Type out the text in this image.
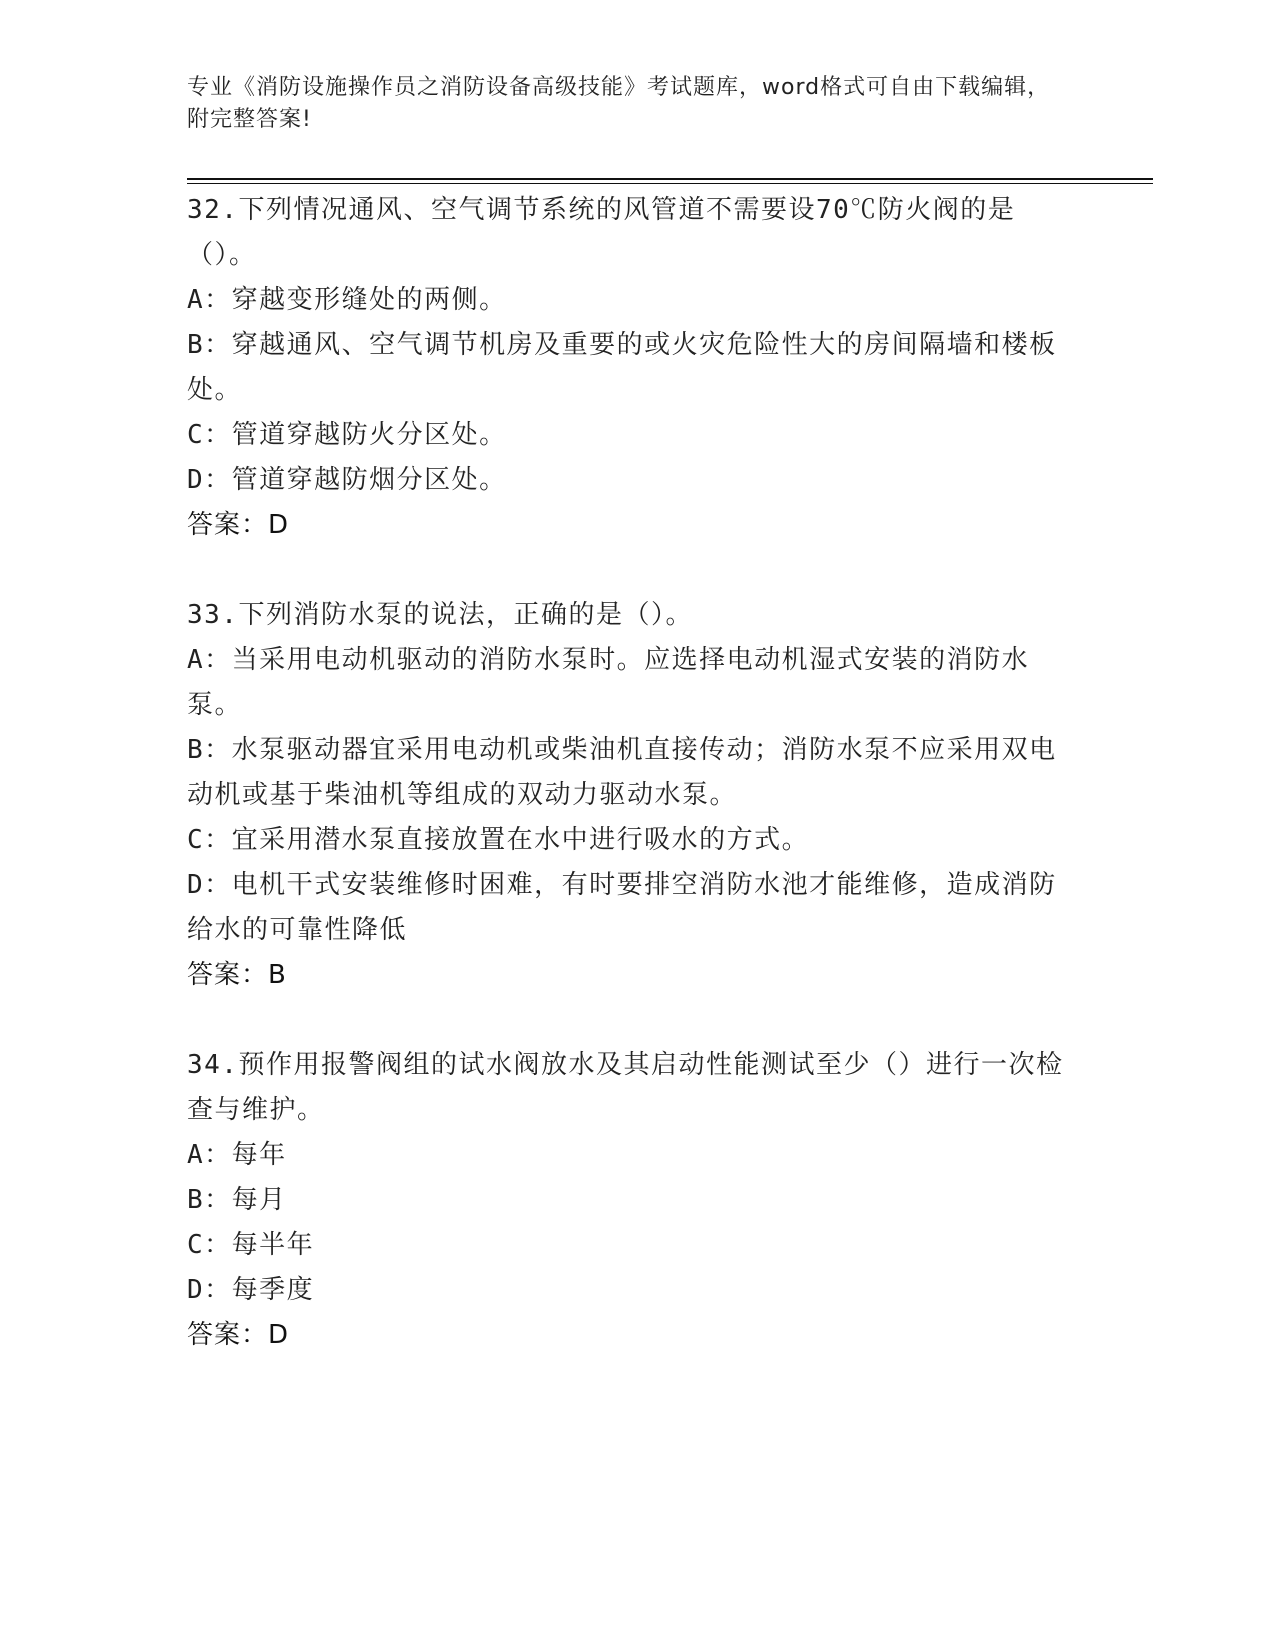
专业《消防设施操作员之消防设备高级技能》考试题库，word格式可自由下载编辑，附完整答案!

32.下列情况通风、空气调节系统的风管道不需要设70℃防火阀的是（）。

A：穿越变形缝处的两侧。

B：穿越通风、空气调节机房及重要的或火灾危险性大的房间隔墙和楼板处。

C：管道穿越防火分区处。

D：管道穿越防烟分区处。

答案：D

33.下列消防水泵的说法，正确的是（）。

A：当采用电动机驱动的消防水泵时。应选择电动机湿式安装的消防水泵。

B：水泵驱动器宜采用电动机或柴油机直接传动；消防水泵不应采用双电动机或基于柴油机等组成的双动力驱动水泵。

C：宜采用潜水泵直接放置在水中进行吸水的方式。

D：电机干式安装维修时困难，有时要排空消防水池才能维修，造成消防给水的可靠性降低

答案：B

34.预作用报警阀组的试水阀放水及其启动性能测试至少（）进行一次检查与维护。

A：每年

B：每月

C：每半年

D：每季度

答案：D
